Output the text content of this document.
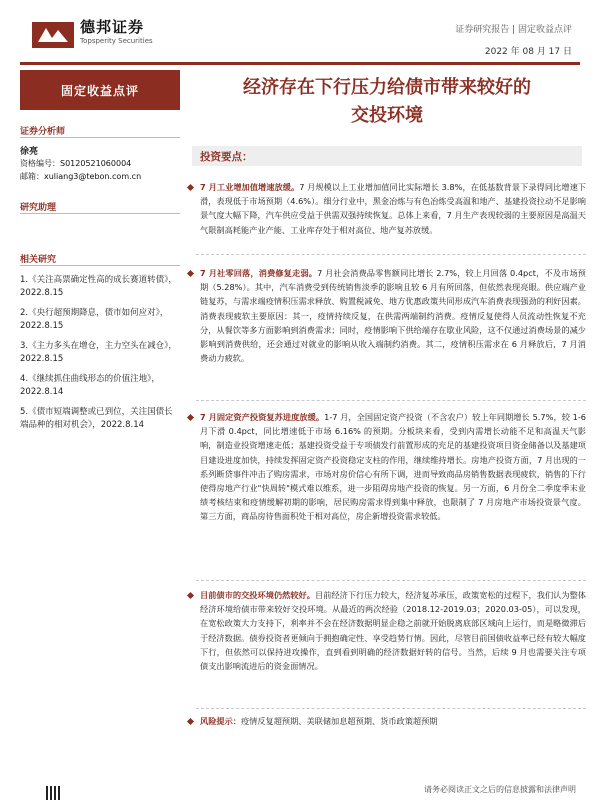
德邦证券
Topsperity Securities
证券研究报告 | 固定收益点评
2022 年 08 月 17 日
固定收益点评
证券分析师
徐亮
资格编号：S0120521060004
邮箱：xuliang3@tebon.com.cn
研究助理
相关研究
1.《关注高票确定性高的成长赛道转债》，2022.8.15
2.《央行超预期降息，债市如何应对》，2022.8.15
3.《主力多头在增仓，主力空头在减仓》，2022.8.15
4.《继续抓住曲线形态的价值注地》，2022.8.14
5.《债市短端调整或已到位，关注国债长端品种的相对机会》，2022.8.14
经济存在下行压力给债市带来较好的
交投环境
投资要点：
7 月工业增加值增速放缓。7 月规模以上工业增加值同比实际增长 3.8%，在低基数背景下录得同比增速下滑，表现低于市场预期（4.6%）。细分行业中，黑金冶炼与有色冶炼受高温和地产、基建投资拉动不足影响景气度大幅下降，汽车供应受益于供需双强持续恢复。总体上来看，7 月生产表现较弱的主要原因是高温天气限制高耗能产业产能、工业库存处于相对高位、地产复苏放缓。
7 月社零回落，消费修复走弱。7 月社会消费品零售额同比增长 2.7%，较上月回落 0.4pct，不及市场预期（5.28%）。其中，汽车消费受到传统销售淡季的影响且较 6 月有所回落，但依然表现亮眼。供应端产业链复苏，与需求端疫情积压需求释放、购置税减免、地方优惠政策共同形成汽车消费表现强劲的利好因素。消费表现疲软主要原因：其一，疫情持续反复，在供需两端制约消费。疫情反复使得人员流动性恢复不充分，从餐饮等多方面影响到消费需求；同时，疫情影响下供给端存在歇业风险，这不仅通过消费场景的减少影响到消费供给，还会通过对就业的影响从收入端制约消费。其二，疫情积压需求在 6 月释放后，7 月消费动力疲软。
7 月固定资产投资复苏进度放缓。1-7 月，全国固定资产投资（不含农户）较上年同期增长 5.7%，较 1-6 月下滑 0.4pct，同比增速低于市场 6.16% 的预期。分板块来看，受到内需增长动能不足和高温天气影响，制造业投资增速走低；基建投资受益于专项债发行前置形成的充足的基建投资项目资金储备以及基建项目建设进度加快，持续发挥固定资产投资稳定支柱的作用，继续维持增长。房地产投资方面，7 月出现的一系列断贷事件冲击了购房需求，市场对房价信心有所下调，进而导致商品房销售数据表现疲软，销售的下行使得房地产行业"快周转"模式难以维系，进一步阻碍房地产投资的恢复。另一方面，6 月份全二季度季末业绩考核结束和疫情缓解初期的影响，居民购房需求得到集中释放，也限制了 7 月房地产市场投资景气度。第三方面，商品房待售面积处于相对高位，房企新增投资需求较低。
目前债市的交投环境仍然较好。目前经济下行压力较大，经济复苏承压，政策宽松的过程下，我们认为整体经济环境给债市带来较好交投环境。从最近的两次经验（2018.12-2019.03；2020.03-05），可以发现，在宽松政策大力支持下，利率并不会在经济数据明显企稳之前就开始脱离底部区域向上运行，而是略微滞后于经济数据。债券投资者更倾向于拥抱确定性、享受趋势行情。因此，尽管目前国债收益率已经有较大幅度下行，但依然可以保持进攻操作，直到看到明确的经济数据好转的信号。当然，后续 9 月也需要关注专项债支出影响流进后的资金面情况。
风险提示：疫情反复超预期、美联储加息超预期、货币政策超预期
请务必阅读正文之后的信息披露和法律声明
